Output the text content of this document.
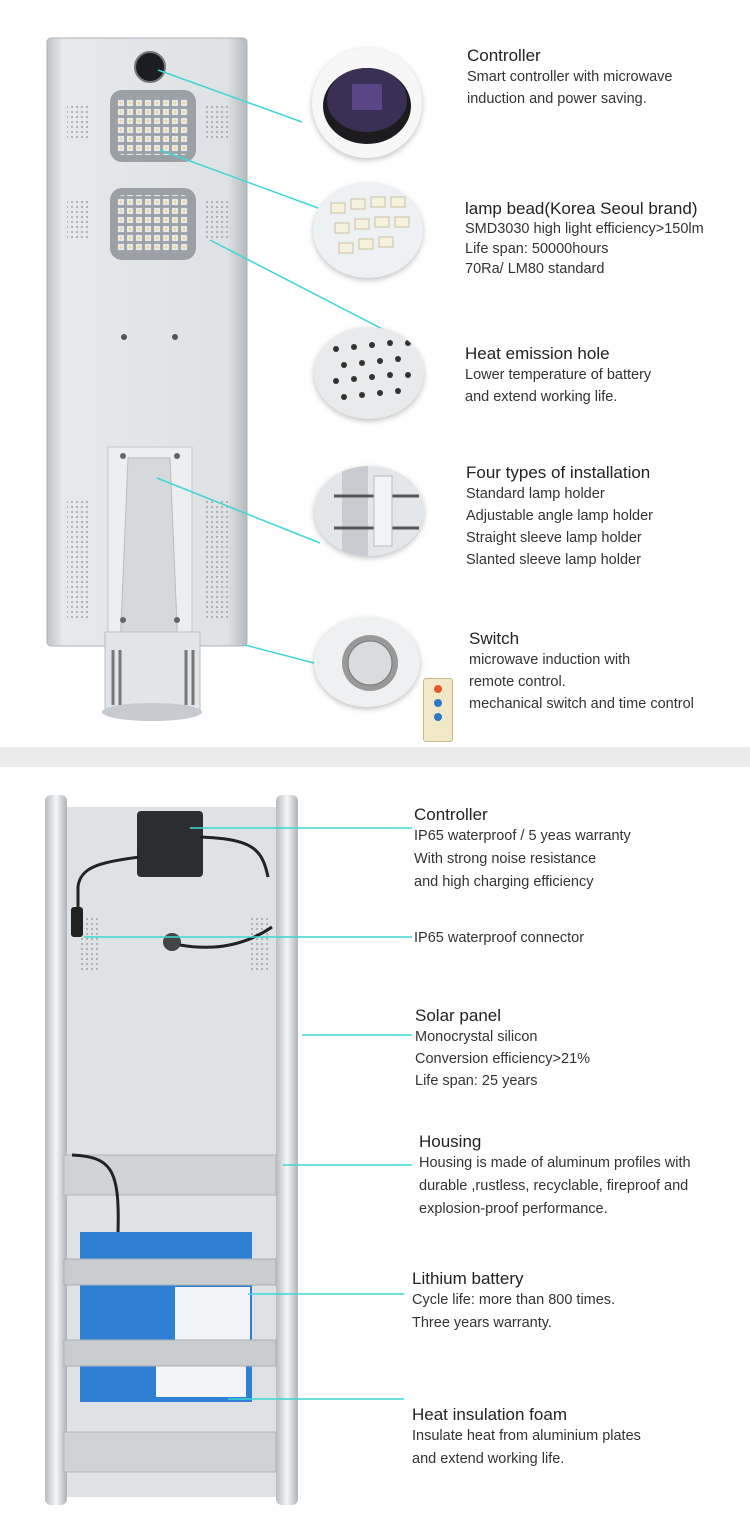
Controller
Smart controller with microwave
induction and power saving.
lamp bead(Korea Seoul brand)
SMD3030 high light efficiency>150lm
Life span: 50000hours
70Ra/ LM80 standard
Heat emission hole
Lower temperature of battery
and extend working life.
Four types of installation
Standard lamp holder
Adjustable angle lamp holder
Straight sleeve lamp holder
Slanted sleeve lamp holder
Switch
microwave induction with
remote control.
mechanical switch and time control
Controller
IP65 waterproof / 5 yeas warranty
With strong noise resistance
and high charging efficiency
IP65 waterproof connector
Solar panel
Monocrystal silicon
Conversion efficiency>21%
Life span: 25 years
Housing
Housing is made of aluminum profiles with
durable ,rustless, recyclable, fireproof and
explosion-proof performance.
Lithium battery
Cycle life: more than 800 times.
Three years warranty.
Heat insulation foam
Insulate heat from aluminium plates
and extend working life.
